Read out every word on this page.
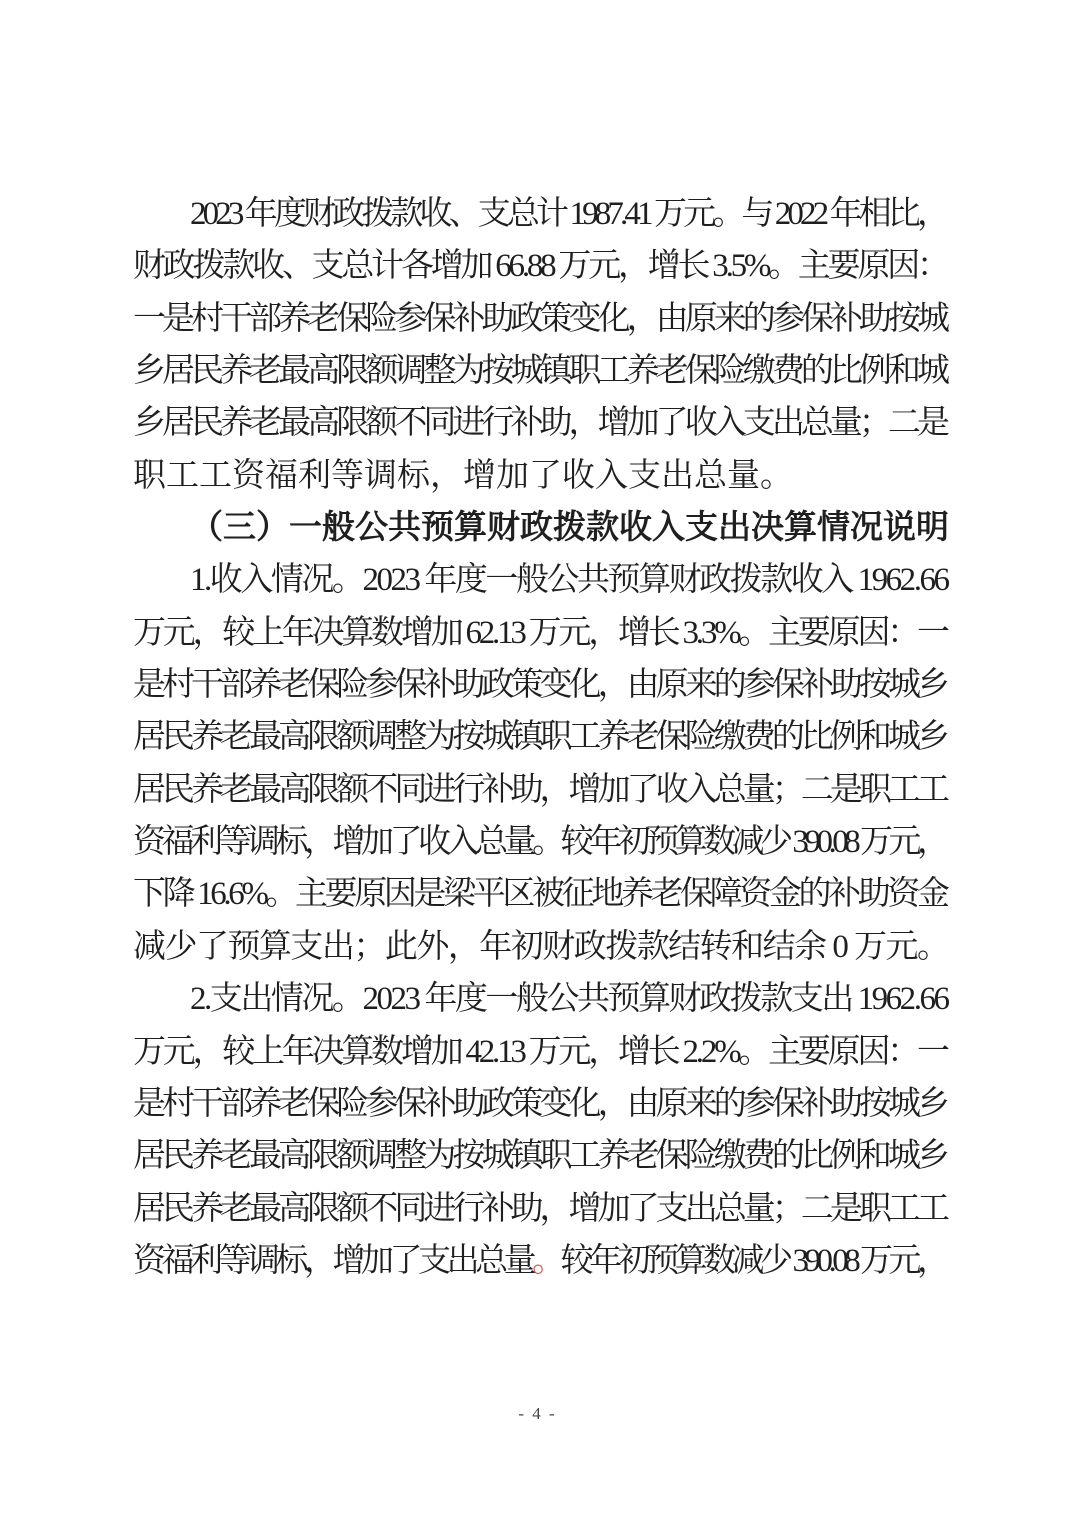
2023 年度财政拨款收、支总计 1987.41 万元。与 2022 年相比，
财政拨款收、支总计各增加 66.88 万元，增长 3.5%。主要原因：
一是村干部养老保险参保补助政策变化，由原来的参保补助按城
乡居民养老最高限额调整为按城镇职工养老保险缴费的比例和城
乡居民养老最高限额不同进行补助，增加了收入支出总量；二是
职工工资福利等调标，增加了收入支出总量。
（三）一般公共预算财政拨款收入支出决算情况说明
1.收入情况。2023 年度一般公共预算财政拨款收入 1962.66
万元，较上年决算数增加 62.13 万元，增长 3.3%。主要原因：一
是村干部养老保险参保补助政策变化，由原来的参保补助按城乡
居民养老最高限额调整为按城镇职工养老保险缴费的比例和城乡
居民养老最高限额不同进行补助，增加了收入总量；二是职工工
资福利等调标，增加了收入总量。较年初预算数减少 390.08 万元，
下降 16.6%。主要原因是梁平区被征地养老保障资金的补助资金
减少了预算支出；此外，年初财政拨款结转和结余 0 万元。
2.支出情况。2023 年度一般公共预算财政拨款支出 1962.66
万元，较上年决算数增加 42.13 万元，增长 2.2%。主要原因：一
是村干部养老保险参保补助政策变化，由原来的参保补助按城乡
居民养老最高限额调整为按城镇职工养老保险缴费的比例和城乡
居民养老最高限额不同进行补助，增加了支出总量；二是职工工
资福利等调标，增加了支出总量。较年初预算数减少 390.08 万元，
- 4 -
